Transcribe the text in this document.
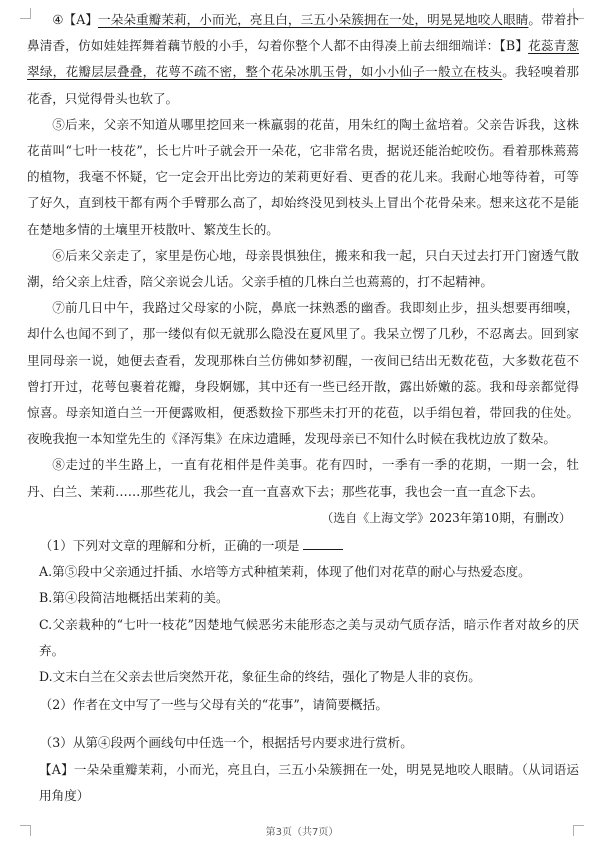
④【A】一朵朵重瓣茉莉，小而光，亮且白，三五小朵簇拥在一处，明晃晃地咬人眼睛。带着扑鼻清香，仿如娃娃挥舞着藕节般的小手，勾着你整个人都不由得凑上前去细细端详：【B】花蕊青葱翠绿，花瓣层层叠叠，花萼不疏不密，整个花朵冰肌玉骨，如小小仙子一般立在枝头。我轻嗅着那花香，只觉得骨头也软了。

⑤后来，父亲不知道从哪里挖回来一株羸弱的花苗，用朱红的陶土盆培着。父亲告诉我，这株花苗叫“七叶一枝花”，长七片叶子就会开一朵花，它非常名贵，据说还能治蛇咬伤。看着那株蔫蔫的植物，我毫不怀疑，它一定会开出比旁边的茉莉更好看、更香的花儿来。我耐心地等待着，可等了好久，直到枝干都有两个手臂那么高了，却始终没见到枝头上冒出个花骨朵来。想来这花不是能在楚地多情的土壤里开枝散叶、繁茂生长的。

⑥后来父亲走了，家里是伤心地，母亲畏惧独住，搬来和我一起，只白天过去打开门窗透气散潮，给父亲上炷香，陪父亲说会儿话。父亲手植的几株白兰也蔫蔫的，打不起精神。

⑦前几日中午，我路过父母家的小院，鼻底一抹熟悉的幽香。我即刻止步，扭头想要再细嗅，却什么也闻不到了，那一缕似有似无就那么隐没在夏风里了。我呆立愣了几秒，不忍离去。回到家里同母亲一说，她便去查看，发现那株白兰仿佛如梦初醒，一夜间已结出无数花苞，大多数花苞不曾打开过，花萼包裹着花瓣，身段婀娜，其中还有一些已经开散，露出娇嫩的蕊。我和母亲都觉得惊喜。母亲知道白兰一开便露败相，便悉数捡下那些未打开的花苞，以手绢包着，带回我的住处。夜晚我抱一本知堂先生的《泽泻集》在床边遣睡，发现母亲已不知什么时候在我枕边放了数朵。

⑧走过的半生路上，一直有花相伴是件美事。花有四时，一季有一季的花期，一期一会，牡丹、白兰、茉莉……那些花儿，我会一直一直喜欢下去；那些花事，我也会一直一直念下去。

（选自《上海文学》2023年第10期，有删改）

（1）下列对文章的理解和分析，正确的一项是

A.第⑤段中父亲通过扦插、水培等方式种植茉莉，体现了他们对花草的耐心与热爱态度。

B.第④段简洁地概括出茉莉的美。

C.父亲栽种的“七叶一枝花”因楚地气候恶劣未能形态之美与灵动气质存活，暗示作者对故乡的厌弃。

D.文末白兰在父亲去世后突然开花，象征生命的终结，强化了物是人非的哀伤。

（2）作者在文中写了一些与父母有关的“花事”，请简要概括。

（3）从第④段两个画线句中任选一个，根据括号内要求进行赏析。

【A】一朵朵重瓣茉莉，小而光，亮且白，三五小朵簇拥在一处，明晃晃地咬人眼睛。（从词语运用角度）

第3页（共7页）
